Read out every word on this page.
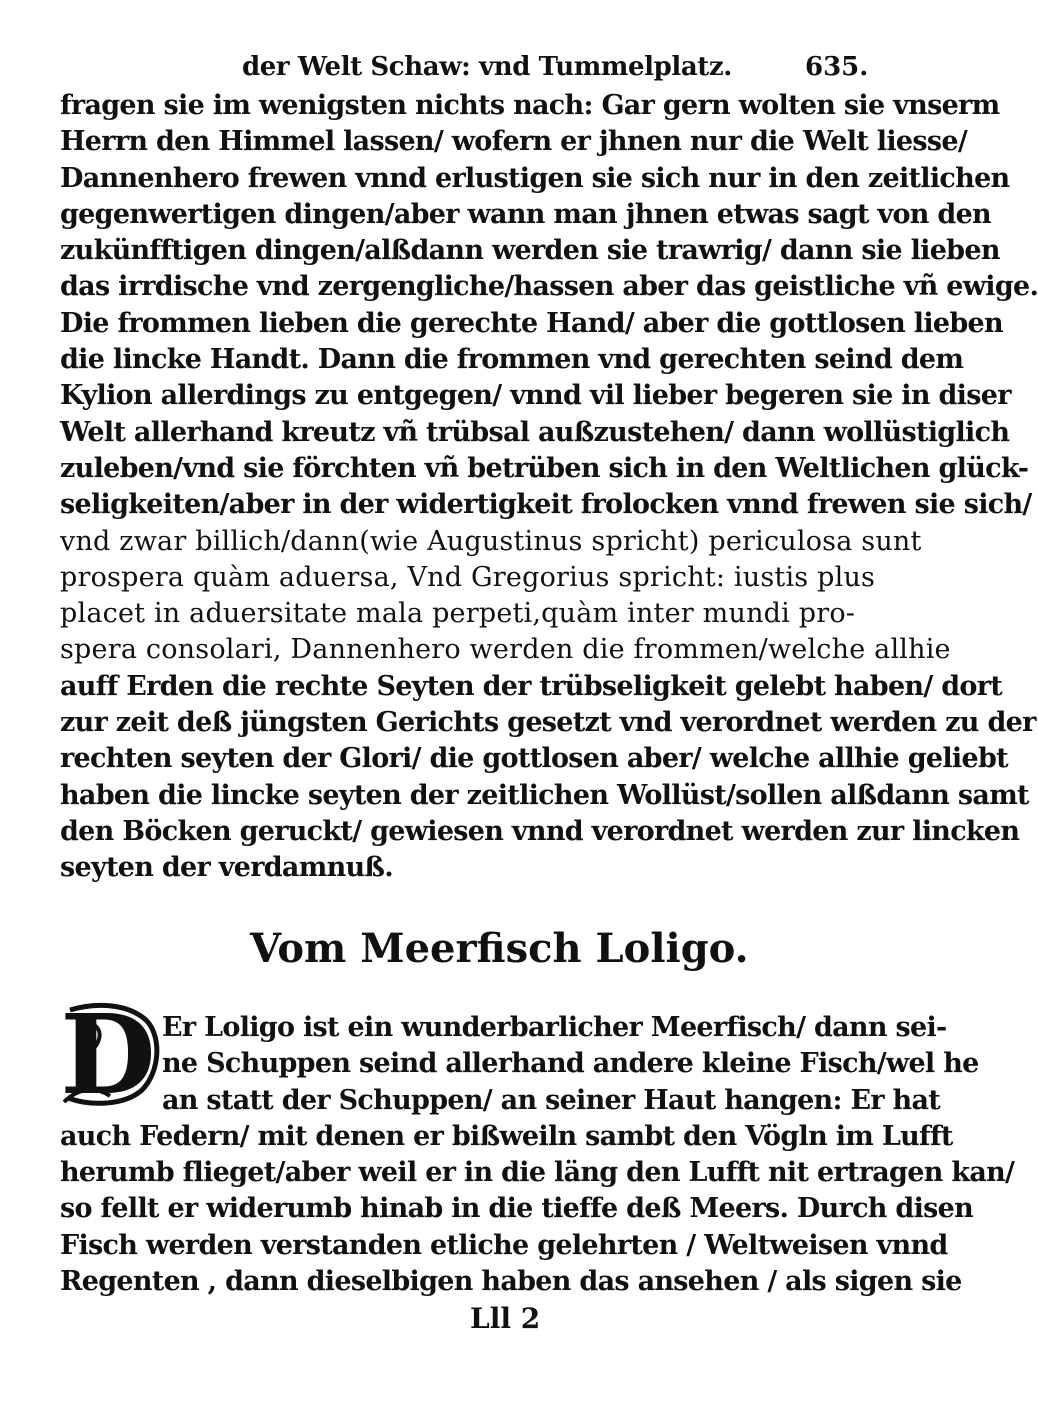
der Welt Schaw: vnd Tummelplatz.	635.
fragen sie im wenigsten nichts nach: Gar gern wolten sie vnserm
Herrn den Himmel lassen/ wofern er jhnen nur die Welt liesse/
Dannenhero frewen vnnd erlustigen sie sich nur in den zeitlichen
gegenwertigen dingen/aber wann man jhnen etwas sagt von den
zukünfftigen dingen/alßdann werden sie trawrig/ dann sie lieben
das irrdische vnd zergengliche/hassen aber das geistliche vñ ewige.
Die frommen lieben die gerechte Hand/ aber die gottlosen lieben
die lincke Handt. Dann die frommen vnd gerechten seind dem
Kylion allerdings zu entgegen/ vnnd vil lieber begeren sie in diser
Welt allerhand kreutz vñ trübsal außzustehen/ dann wollüstiglich
zuleben/vnd sie förchten vñ betrüben sich in den Weltlichen glück-
seligkeiten/aber in der widertigkeit frolocken vnnd frewen sie sich/
vnd zwar billich/dann(wie Augustinus spricht) periculosa sunt
prospera quàm aduersa, Vnd Gregorius spricht: iustis plus
placet in aduersitate mala perpeti,quàm inter mundi pro-
spera consolari, Dannenhero werden die frommen/welche allhie
auff Erden die rechte Seyten der trübseligkeit gelebt haben/ dort
zur zeit deß jüngsten Gerichts gesetzt vnd verordnet werden zu der
rechten seyten der Glori/ die gottlosen aber/ welche allhie geliebt
haben die lincke seyten der zeitlichen Wollüst/sollen alßdann samt
den Böcken geruckt/ gewiesen vnnd verordnet werden zur lincken
seyten der verdamnuß.
Vom Meerfisch Loligo.
D Er Loligo ist ein wunderbarlicher Meerfisch/ dann sei-
ne Schuppen seind allerhand andere kleine Fisch/wel he
an statt der Schuppen/ an seiner Haut hangen: Er hat
auch Federn/ mit denen er bißweiln sambt den Vögln im Lufft
herumb flieget/aber weil er in die läng den Lufft nit ertragen kan/
so fellt er widerumb hinab in die tieffe deß Meers. Durch disen
Fisch werden verstanden etliche gelehrten / Weltweisen vnnd
Regenten , dann dieselbigen haben das ansehen / als sigen sie
Lll 2
